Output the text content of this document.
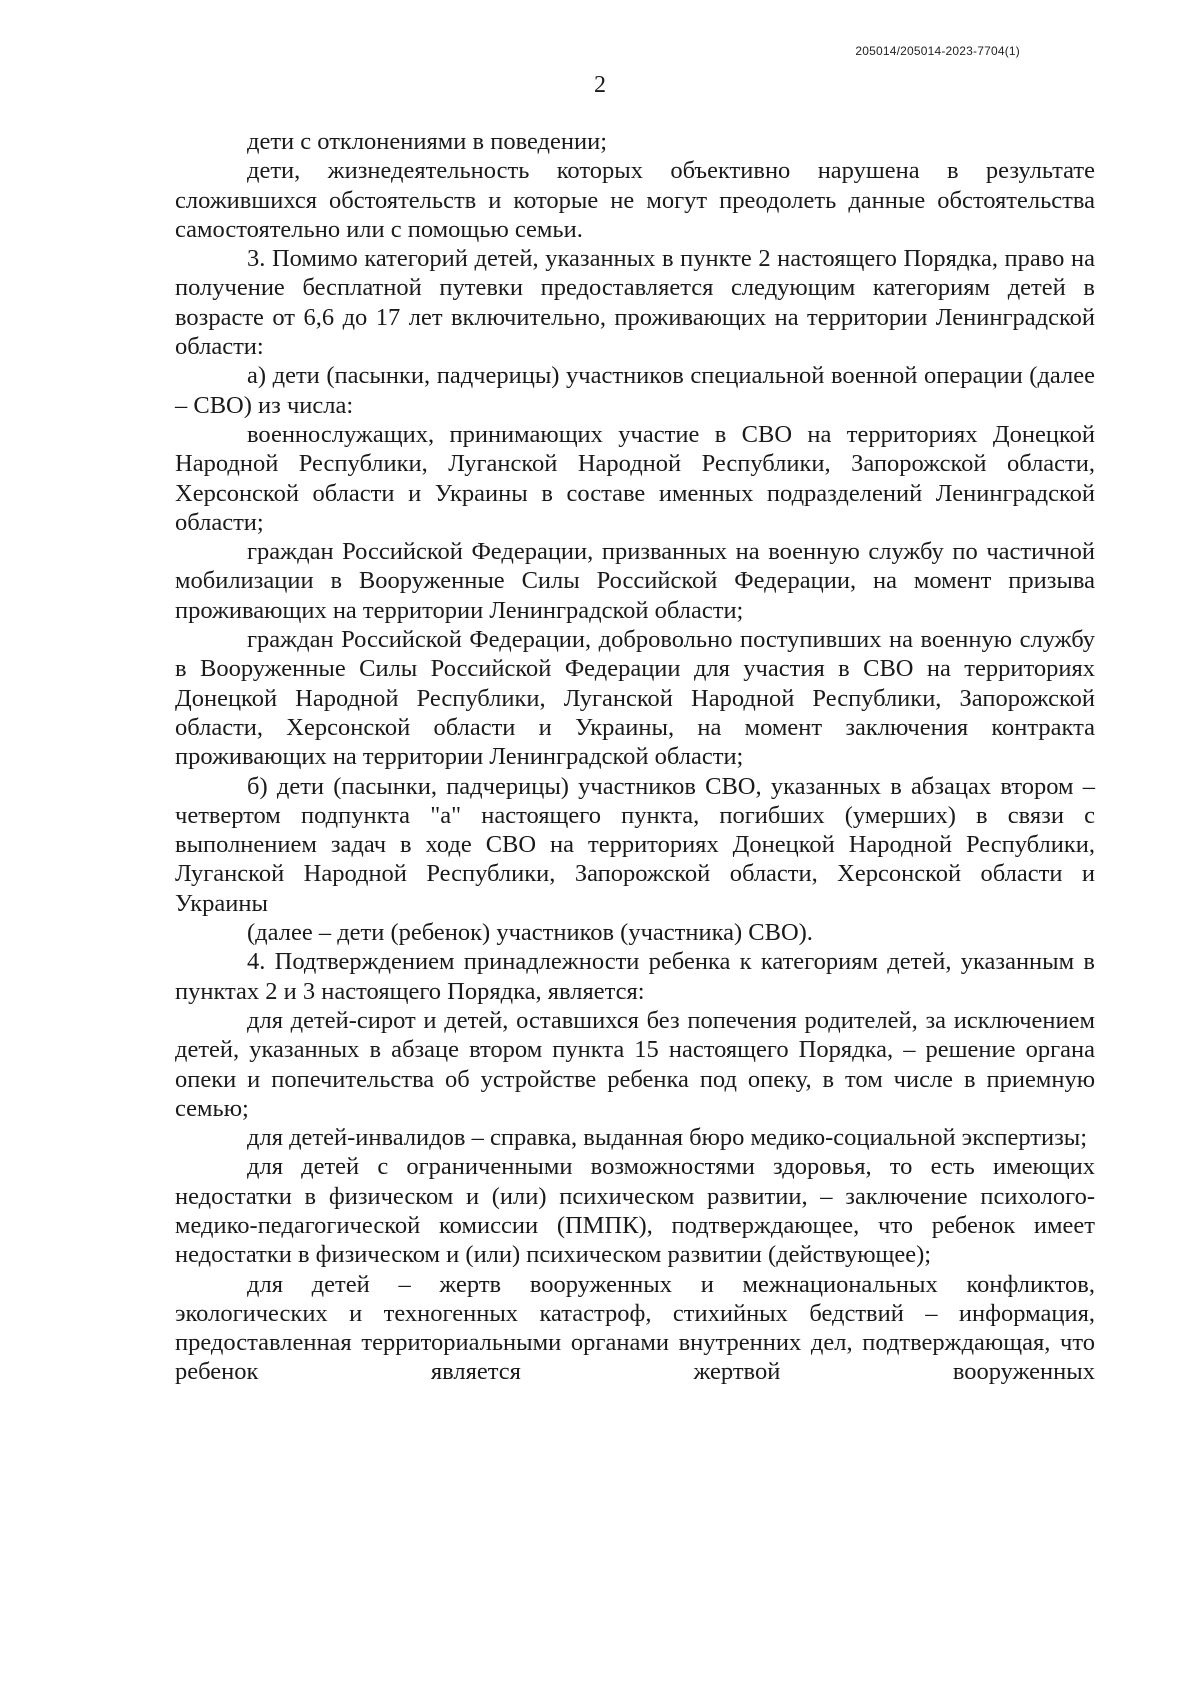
205014/205014-2023-7704(1)
2

дети с отклонениями в поведении;

дети, жизнедеятельность которых объективно нарушена в результате сложившихся обстоятельств и которые не могут преодолеть данные обстоятельства самостоятельно или с помощью семьи.

3. Помимо категорий детей, указанных в пункте 2 настоящего Порядка, право на получение бесплатной путевки предоставляется следующим категориям детей в возрасте от 6,6 до 17 лет включительно, проживающих на территории Ленинградской области:

а) дети (пасынки, падчерицы) участников специальной военной операции (далее – СВО) из числа:

военнослужащих, принимающих участие в СВО на территориях Донецкой Народной Республики, Луганской Народной Республики, Запорожской области, Херсонской области и Украины в составе именных подразделений Ленинградской области;

граждан Российской Федерации, призванных на военную службу по частичной мобилизации в Вооруженные Силы Российской Федерации, на момент призыва проживающих на территории Ленинградской области;

граждан Российской Федерации, добровольно поступивших на военную службу в Вооруженные Силы Российской Федерации для участия в СВО на территориях Донецкой Народной Республики, Луганской Народной Республики, Запорожской области, Херсонской области и Украины, на момент заключения контракта проживающих на территории Ленинградской области;

б) дети (пасынки, падчерицы) участников СВО, указанных в абзацах втором – четвертом подпункта "а" настоящего пункта, погибших (умерших) в связи с выполнением задач в ходе СВО на территориях Донецкой Народной Республики, Луганской Народной Республики, Запорожской области, Херсонской области и Украины

(далее – дети (ребенок) участников (участника) СВО).

4. Подтверждением принадлежности ребенка к категориям детей, указанным в пунктах 2 и 3 настоящего Порядка, является:

для детей-сирот и детей, оставшихся без попечения родителей, за исключением детей, указанных в абзаце втором пункта 15 настоящего Порядка, – решение органа опеки и попечительства об устройстве ребенка под опеку, в том числе в приемную семью;

для детей-инвалидов – справка, выданная бюро медико-социальной экспертизы;

для детей с ограниченными возможностями здоровья, то есть имеющих недостатки в физическом и (или) психическом развитии, – заключение психолого-медико-педагогической комиссии (ПМПК), подтверждающее, что ребенок имеет недостатки в физическом и (или) психическом развитии (действующее);

для детей – жертв вооруженных и межнациональных конфликтов, экологических и техногенных катастроф, стихийных бедствий – информация, предоставленная территориальными органами внутренних дел, подтверждающая, что ребенок является жертвой вооруженных
